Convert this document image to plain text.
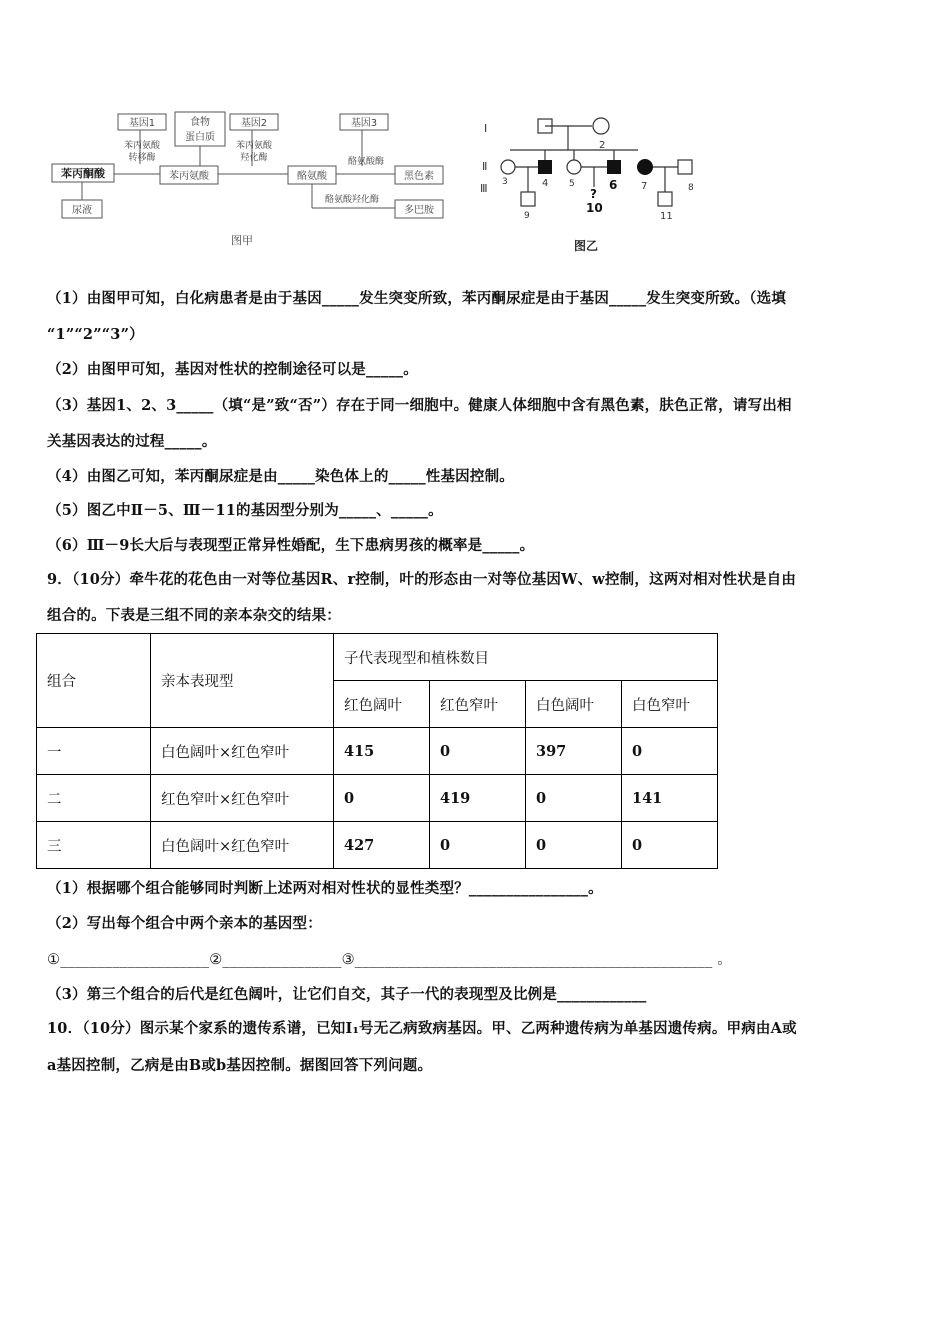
基因1	食物
蛋白质
基因2	基因3
苯丙氨酸
转移酶
苯丙氨酸
羟化酶	酪氨酸酶
酪氨酸羟化酶
苯丙酮酸	苯丙氨酸	酪氨酸	黑色素
尿液	多巴胺
图甲
Ⅰ
Ⅱ
Ⅲ
2
3	4 5	6 7	8
9
?
10
11
图乙
（1）由图甲可知，白化病患者是由于基因_____发生突变所致，苯丙酮尿症是由于基因_____发生突变所致。（选填
“1”“2”“3”）
（2）由图甲可知，基因对性状的控制途径可以是_____。
（3）基因1、2、3_____（填“是”致“否”）存在于同一细胞中。健康人体细胞中含有黑色素，肤色正常，请写出相
关基因表达的过程_____。
（4）由图乙可知，苯丙酮尿症是由_____染色体上的_____性基因控制。
（5）图乙中Ⅱ－5、Ⅲ－11的基因型分别为_____、_____。
（6）Ⅲ－9长大后与表现型正常异性婚配，生下患病男孩的概率是_____。
9．（10分）牵牛花的花色由一对等位基因R、r控制，叶的形态由一对等位基因W、w控制，这两对相对性状是自由
组合的。下表是三组不同的亲本杂交的结果：
组合	亲本表现型	子代表现型和植株数目			
		红色阔叶	红色窄叶	白色阔叶	白色窄叶
一	白色阔叶×红色窄叶	415	0	397	0
二	红色窄叶×红色窄叶	0	419	0	141
三	白色阔叶×红色窄叶	427	0	0	0
（1）根据哪个组合能够同时判断上述两对相对性状的显性类型？________________。
（2）写出每个组合中两个亲本的基因型：
①____________________②________________③________________________________________________ 。
（3）第三个组合的后代是红色阔叶，让它们自交，其子一代的表现型及比例是____________
10．（10分）图示某个家系的遗传系谱，已知Ⅰ₁号无乙病致病基因。甲、乙两种遗传病为单基因遗传病。甲病由A或
a基因控制，乙病是由B或b基因控制。据图回答下列问题。
